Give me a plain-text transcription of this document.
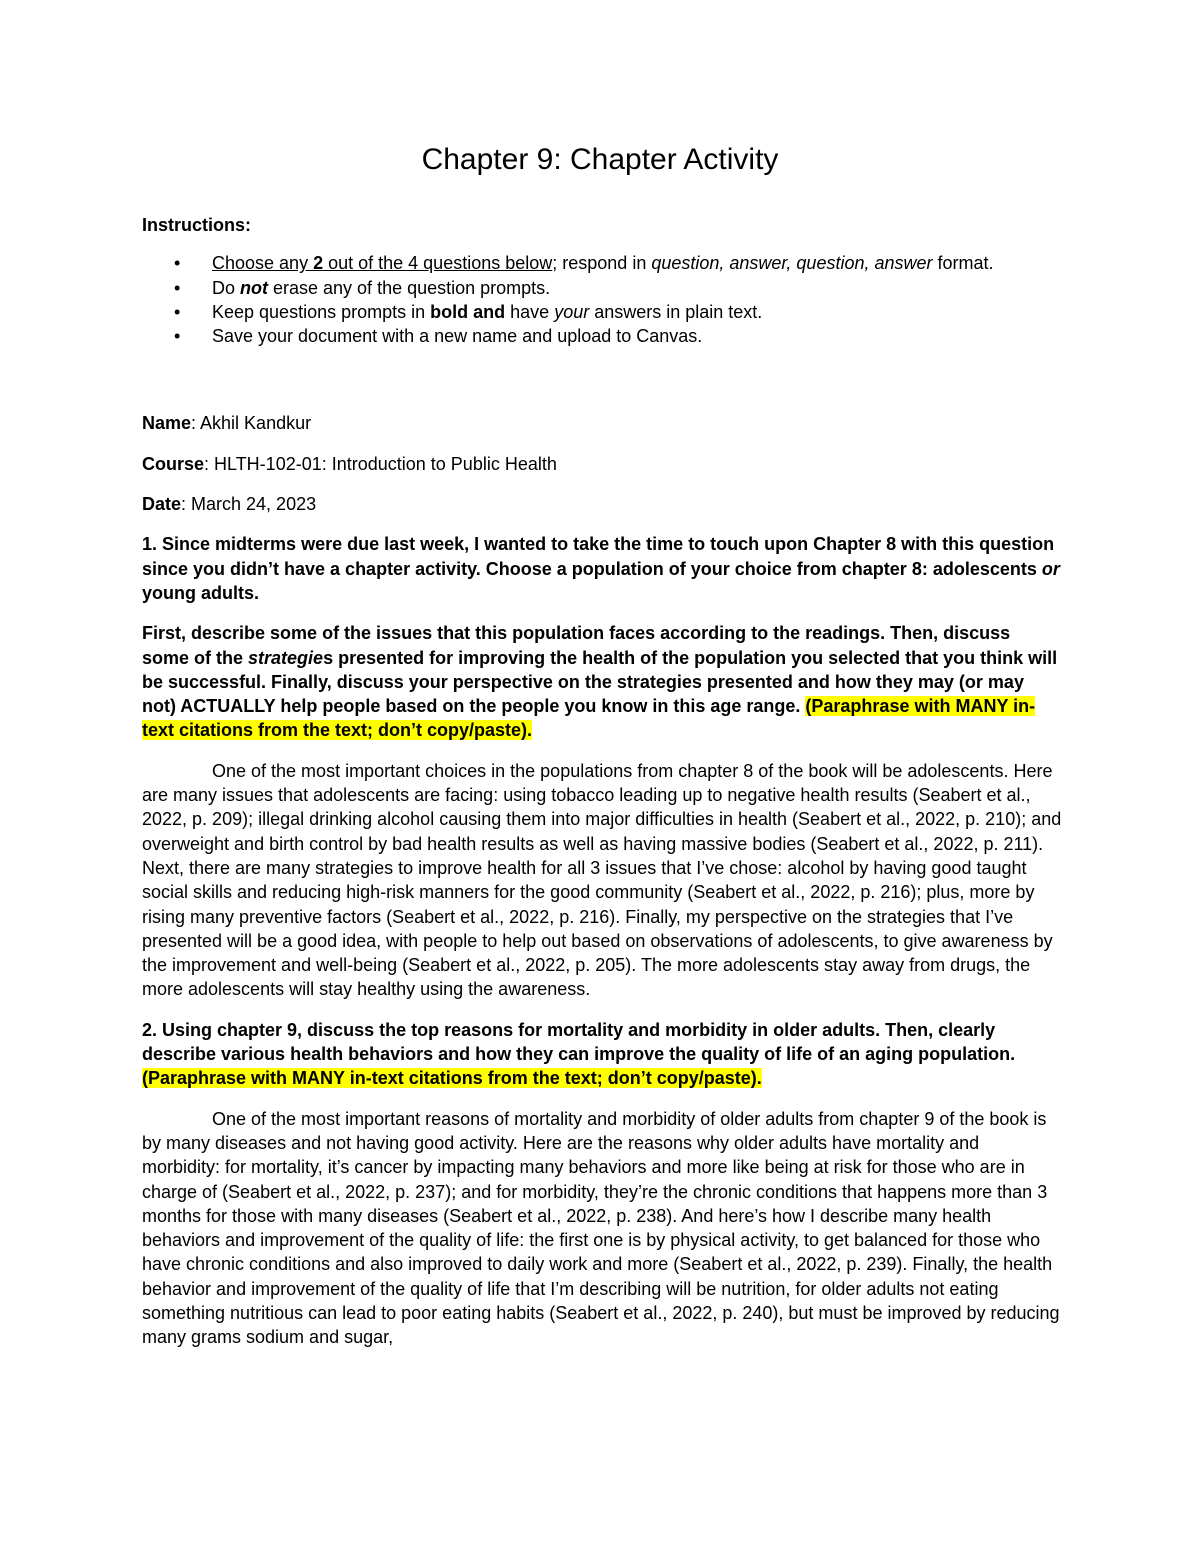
Chapter 9: Chapter Activity

Instructions:

• Choose any 2 out of the 4 questions below; respond in question, answer, question, answer format.
• Do not erase any of the question prompts.
• Keep questions prompts in bold and have your answers in plain text.
• Save your document with a new name and upload to Canvas.

Name: Akhil Kandkur

Course: HLTH-102-01: Introduction to Public Health

Date: March 24, 2023

1. Since midterms were due last week, I wanted to take the time to touch upon Chapter 8 with this question since you didn’t have a chapter activity. Choose a population of your choice from chapter 8: adolescents or young adults.

First, describe some of the issues that this population faces according to the readings. Then, discuss some of the strategies presented for improving the health of the population you selected that you think will be successful. Finally, discuss your perspective on the strategies presented and how they may (or may not) ACTUALLY help people based on the people you know in this age range. (Paraphrase with MANY in-text citations from the text; don’t copy/paste).

One of the most important choices in the populations from chapter 8 of the book will be adolescents. Here are many issues that adolescents are facing: using tobacco leading up to negative health results (Seabert et al., 2022, p. 209); illegal drinking alcohol causing them into major difficulties in health (Seabert et al., 2022, p. 210); and overweight and birth control by bad health results as well as having massive bodies (Seabert et al., 2022, p. 211). Next, there are many strategies to improve health for all 3 issues that I’ve chose: alcohol by having good taught social skills and reducing high-risk manners for the good community (Seabert et al., 2022, p. 216); plus, more by rising many preventive factors (Seabert et al., 2022, p. 216). Finally, my perspective on the strategies that I’ve presented will be a good idea, with people to help out based on observations of adolescents, to give awareness by the improvement and well-being (Seabert et al., 2022, p. 205). The more adolescents stay away from drugs, the more adolescents will stay healthy using the awareness.

2. Using chapter 9, discuss the top reasons for mortality and morbidity in older adults. Then, clearly describe various health behaviors and how they can improve the quality of life of an aging population. (Paraphrase with MANY in-text citations from the text; don’t copy/paste).

One of the most important reasons of mortality and morbidity of older adults from chapter 9 of the book is by many diseases and not having good activity. Here are the reasons why older adults have mortality and morbidity: for mortality, it’s cancer by impacting many behaviors and more like being at risk for those who are in charge of (Seabert et al., 2022, p. 237); and for morbidity, they’re the chronic conditions that happens more than 3 months for those with many diseases (Seabert et al., 2022, p. 238). And here’s how I describe many health behaviors and improvement of the quality of life: the first one is by physical activity, to get balanced for those who have chronic conditions and also improved to daily work and more (Seabert et al., 2022, p. 239). Finally, the health behavior and improvement of the quality of life that I’m describing will be nutrition, for older adults not eating something nutritious can lead to poor eating habits (Seabert et al., 2022, p. 240), but must be improved by reducing many grams sodium and sugar,
